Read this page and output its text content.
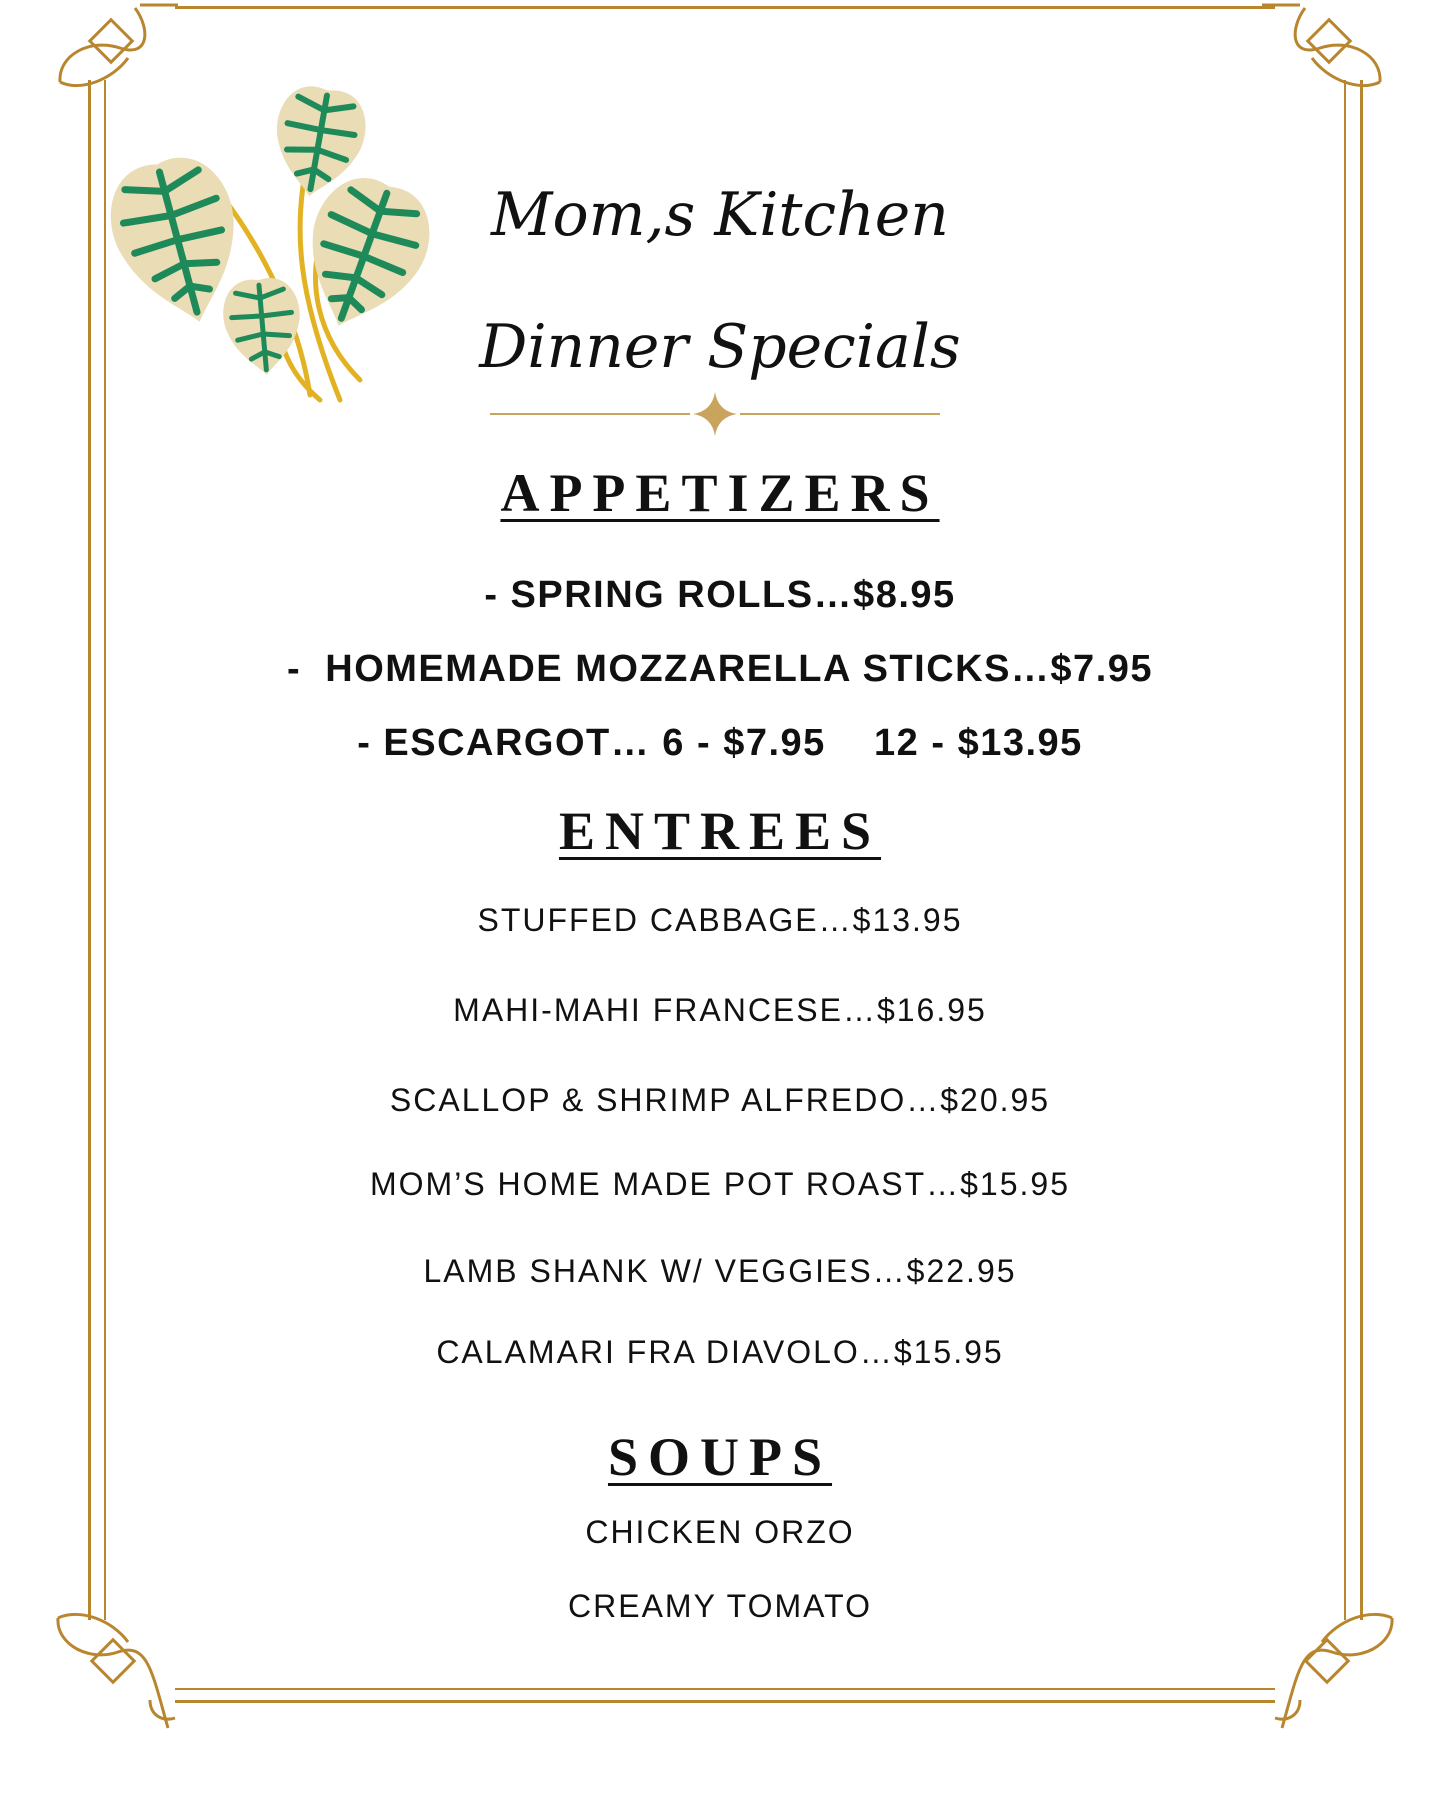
Mom,s Kitchen
Dinner Specials
APPETIZERS
- SPRING ROLLS…$8.95
-  HOMEMADE MOZZARELLA STICKS…$7.95
- ESCARGOT… 6 - $7.95    12 - $13.95
ENTREES
STUFFED CABBAGE…$13.95
MAHI-MAHI FRANCESE…$16.95
SCALLOP & SHRIMP ALFREDO…$20.95
MOM’S HOME MADE POT ROAST…$15.95
LAMB SHANK W/ VEGGIES…$22.95
CALAMARI FRA DIAVOLO…$15.95
SOUPS
CHICKEN ORZO
CREAMY TOMATO
